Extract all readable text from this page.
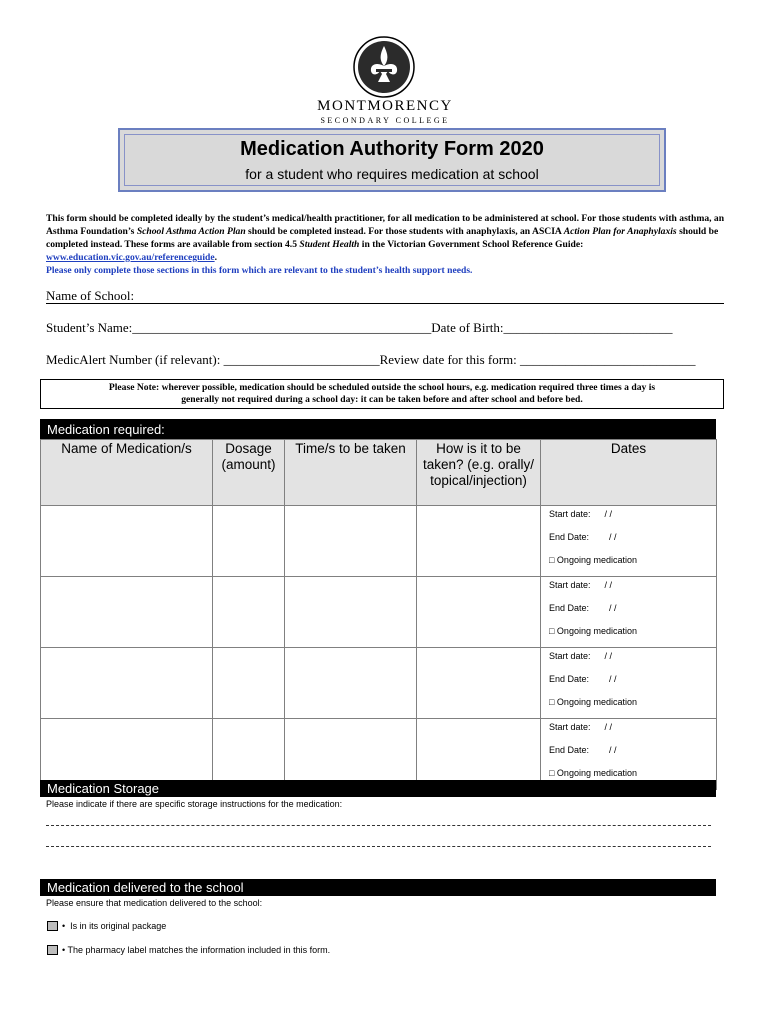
MONTMORENCY
SECONDARY COLLEGE
Medication Authority Form 2020
for a student who requires medication at school
This form should be completed ideally by the student’s medical/health practitioner, for all medication to be administered at school. For those students with asthma, an Asthma Foundation’s School Asthma Action Plan should be completed instead. For those students with anaphylaxis, an ASCIA Action Plan for Anaphylaxis should be completed instead. These forms are available from section 4.5 Student Health in the Victorian Government School Reference Guide: www.education.vic.gov.au/referenceguide.
Please only complete those sections in this form which are relevant to the student’s health support needs.
Name of School:
Student’s Name:______________________________________________Date of Birth:__________________________
MedicAlert Number (if relevant): ________________________Review date for this form: ___________________________
Please Note: wherever possible, medication should be scheduled outside the school hours, e.g. medication required three times a day is
generally not required during a school day: it can be taken before and after school and before bed.
Medication required:
Name of Medication/s	Dosage (amount)	Time/s to be taken	How is it to be taken? (e.g. orally/ topical/injection)	Dates

				Start date: / /
End Date: / /
□ Ongoing medication

				Start date: / /
End Date: / /
□ Ongoing medication

				Start date: / /
End Date: / /
□ Ongoing medication

				Start date: / /
End Date: / /
□ Ongoing medication
Medication Storage
Please indicate if there are specific storage instructions for the medication:
Medication delivered to the school
Please ensure that medication delivered to the school:
•  Is in its original package
• The pharmacy label matches the information included in this form.
